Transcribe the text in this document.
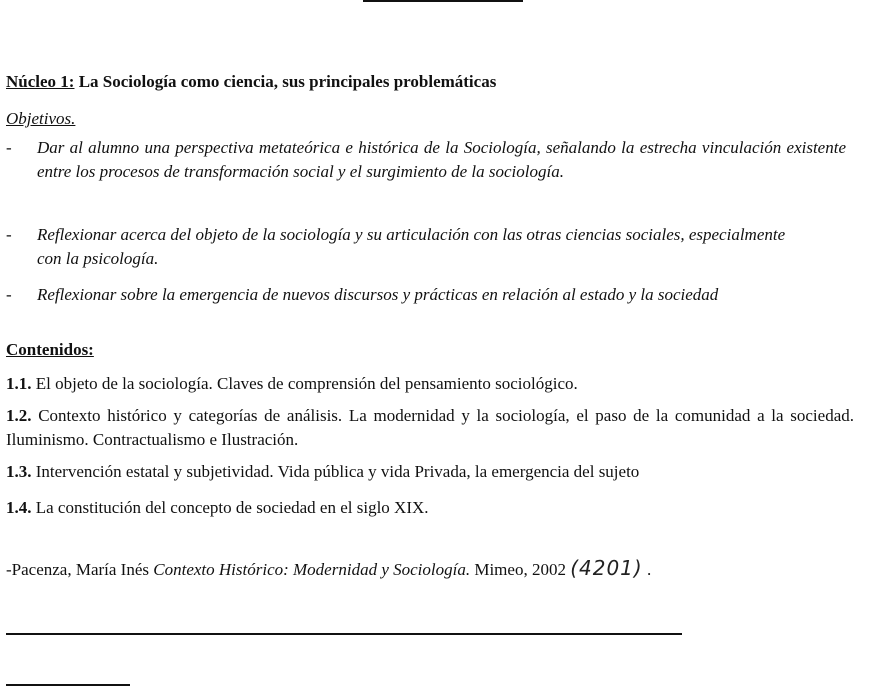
Núcleo 1: La Sociología como ciencia, sus principales problemáticas
Objetivos.
- Dar al alumno una perspectiva metateórica e histórica de la Sociología, señalando la estrecha vinculación existente entre los procesos de transformación social y el surgimiento de la sociología.
- Reflexionar acerca del objeto de la sociología y su articulación con las otras ciencias sociales, especialmente con la psicología.
- Reflexionar sobre la emergencia de nuevos discursos y prácticas en relación al estado y la sociedad
Contenidos:
1.1. El objeto de la sociología. Claves de comprensión del pensamiento sociológico.
1.2. Contexto histórico y categorías de análisis. La modernidad y la sociología, el paso de la comunidad a la sociedad. Iluminismo. Contractualismo e Ilustración.
1.3. Intervención estatal y subjetividad. Vida pública y vida Privada, la emergencia del sujeto
1.4. La constitución del concepto de sociedad en el siglo XIX.
-Pacenza, María Inés Contexto Histórico: Modernidad y Sociología. Mimeo, 2002 (4201) .
